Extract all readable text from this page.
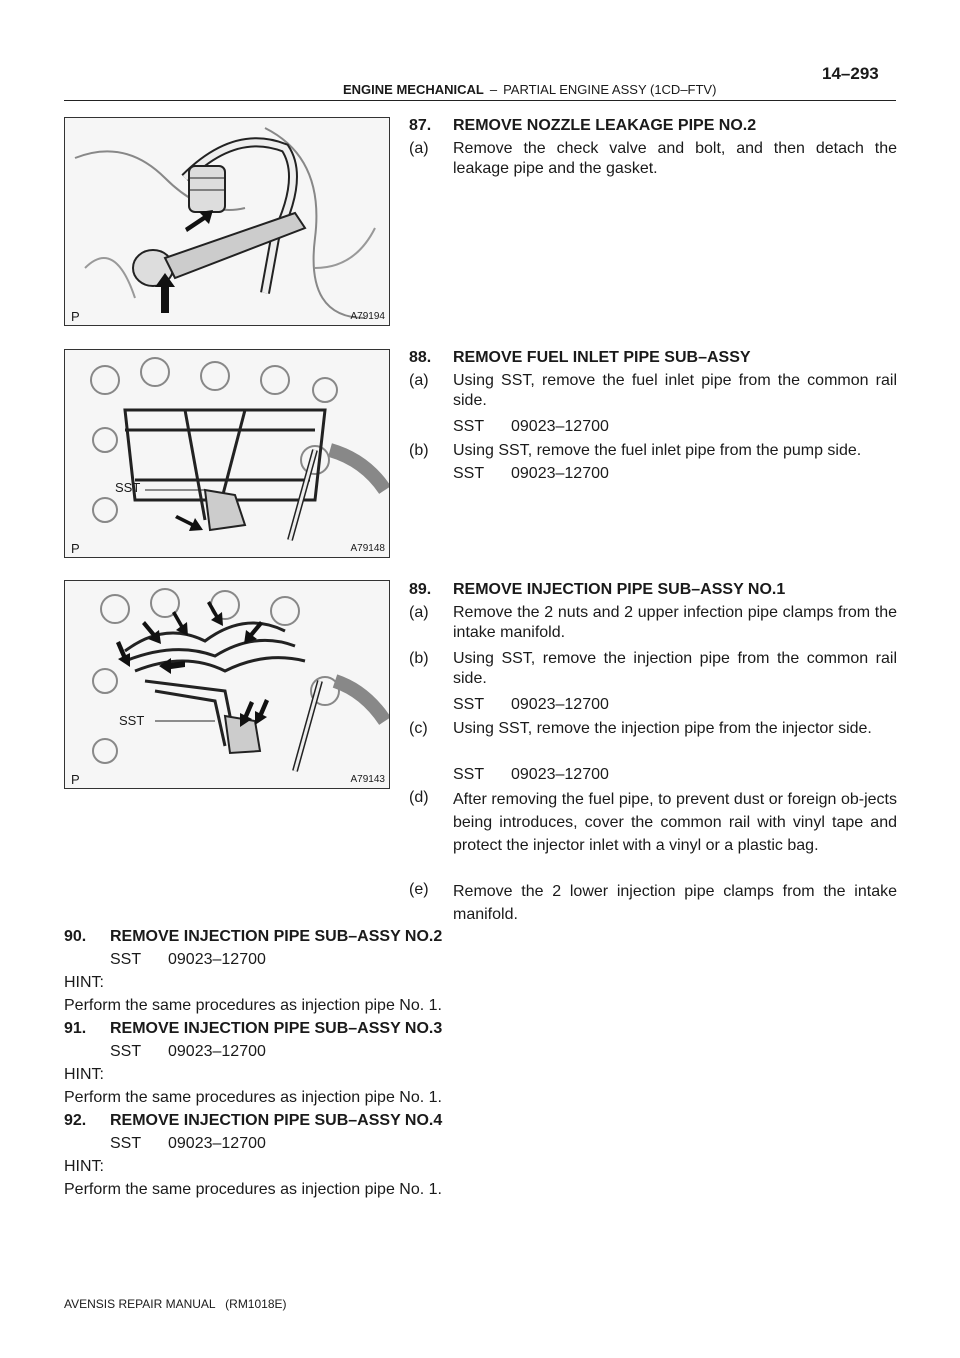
ENGINE MECHANICAL – PARTIAL ENGINE ASSY (1CD–FTV)
14–293
P	A79194
SST
P	A79148
SST
P	A79143
87. REMOVE NOZZLE LEAKAGE PIPE NO.2
(a) Remove the check valve and bolt, and then detach the leakage pipe and the gasket.
88. REMOVE FUEL INLET PIPE SUB–ASSY
(a) Using SST, remove the fuel inlet pipe from the common rail side.
SST 09023–12700
(b) Using SST, remove the fuel inlet pipe from the pump side.
SST 09023–12700
89. REMOVE INJECTION PIPE SUB–ASSY NO.1
(a) Remove the 2 nuts and 2 upper infection pipe clamps from the intake manifold.
(b) Using SST, remove the injection pipe from the common rail side.
SST 09023–12700
(c) Using SST, remove the injection pipe from the injector side.
SST 09023–12700
(d) After removing the fuel pipe, to prevent dust or foreign ob-jects being introduces, cover the common rail with vinyl tape and protect the injector inlet with a vinyl or a plastic bag.
(e) Remove the 2 lower injection pipe clamps from the intake manifold.
90. REMOVE INJECTION PIPE SUB–ASSY NO.2
SST 09023–12700
HINT:
Perform the same procedures as injection pipe No. 1.
91. REMOVE INJECTION PIPE SUB–ASSY NO.3
SST 09023–12700
HINT:
Perform the same procedures as injection pipe No. 1.
92. REMOVE INJECTION PIPE SUB–ASSY NO.4
SST 09023–12700
HINT:
Perform the same procedures as injection pipe No. 1.
AVENSIS REPAIR MANUAL   (RM1018E)
